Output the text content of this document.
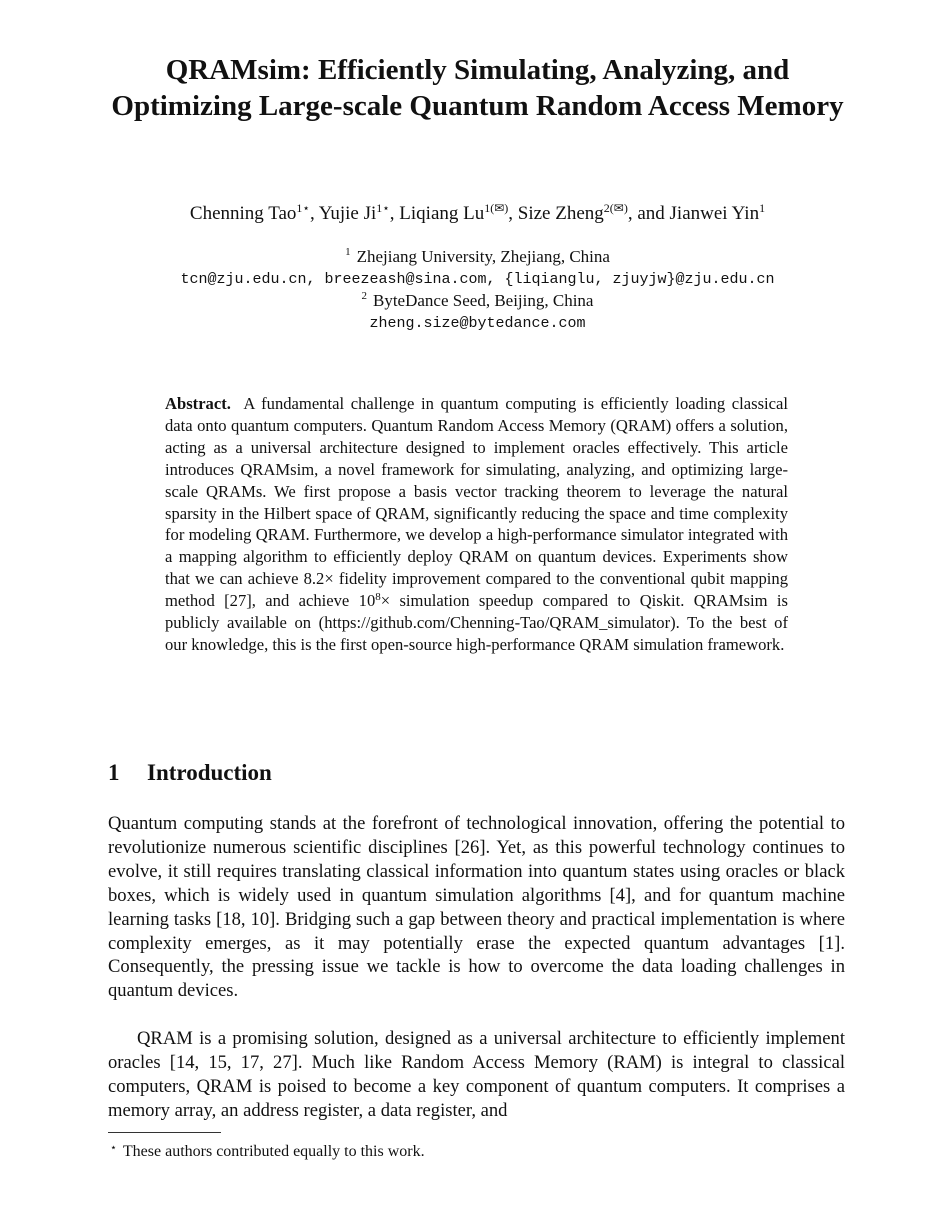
QRAMsim: Efficiently Simulating, Analyzing, and Optimizing Large-scale Quantum Random Access Memory
Chenning Tao$^{1⋆}$, Yujie $Ji^{1⋆}$, Liqiang $Lu^{1(✉)}$, Size Zheng$^{2(✉)}$, and Jianwei Yin$^1$
$^1$ Zhejiang University, Zhejiang, China
tcn@zju.edu.cn, breezeash@sina.com, {liqianglu, zjuyjw}@zju.edu.cn
$^2$ ByteDance Seed, Beijing, China
zheng.size@bytedance.com

Abstract. A fundamental challenge in quantum computing is efficiently loading classical data onto quantum computers. Quantum Random Access Memory (QRAM) offers a solution, acting as a universal architecture designed to implement oracles effectively. This article introduces QRAMsim, a novel framework for simulating, analyzing, and optimizing large-scale QRAMs. We first propose a basis vector tracking theorem to leverage the natural sparsity in the Hilbert space of QRAM, significantly reducing the space and time complexity for modeling QRAM. Furthermore, we develop a high-performance simulator integrated with a mapping algorithm to efficiently deploy QRAM on quantum devices. Experiments show that we can achieve 8.2× fidelity improvement compared to the conventional qubit mapping method [27], and achieve $10^8\times$ simulation speedup compared to Qiskit. QRAMsim is publicly available on (https://github.com/Chenning-Tao/QRAM_simulator). To the best of our knowledge, this is the first open-source high-performance QRAM simulation framework.

1 Introduction

Quantum computing stands at the forefront of technological innovation, offering the potential to revolutionize numerous scientific disciplines [26]. Yet, as this powerful technology continues to evolve, it still requires translating classical information into quantum states using oracles or black boxes, which is widely used in quantum simulation algorithms [4], and for quantum machine learning tasks [18, 10]. Bridging such a gap between theory and practical implementation is where complexity emerges, as it may potentially erase the expected quantum advantages [1]. Consequently, the pressing issue we tackle is how to overcome the data loading challenges in quantum devices.

QRAM is a promising solution, designed as a universal architecture to efficiently implement oracles [14, 15, 17, 27]. Much like Random Access Memory (RAM) is integral to classical computers, QRAM is poised to become a key component of quantum computers. It comprises a memory array, an address register, a data register, and

⋆ These authors contributed equally to this work.
